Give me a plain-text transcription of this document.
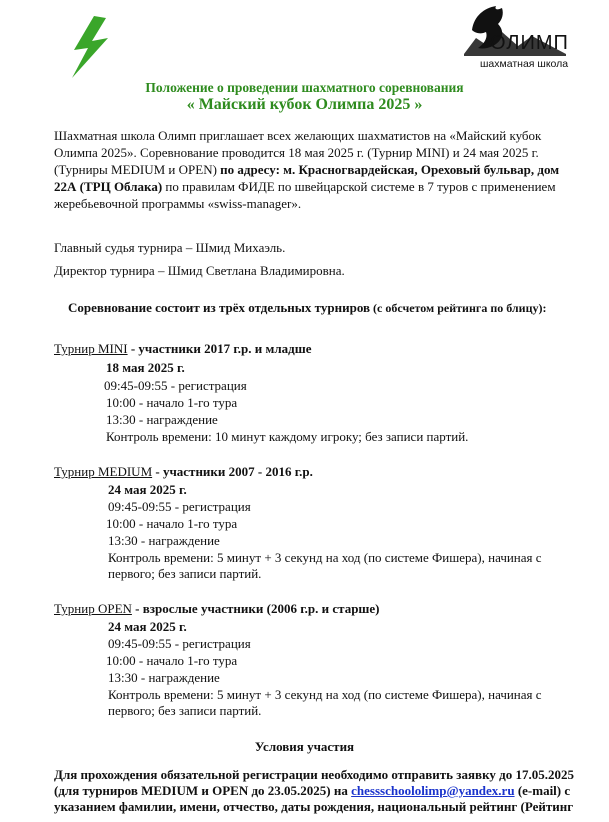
ОЛИМП
шахматная школа
Положение о проведении шахматного соревнования
« Майский кубок Олимпа 2025 »
Шахматная школа Олимп приглашает всех желающих шахматистов на «Майский кубок Олимпа 2025». Соревнование проводится 18 мая 2025 г. (Турнир MINI) и 24 мая 2025 г. (Турниры MEDIUM и OPEN) по адресу: м. Красногвардейская, Ореховый бульвар, дом 22А (ТРЦ Облака) по правилам ФИДЕ по швейцарской системе в 7 туров с применением жеребьевочной программы «swiss-manager».
Главный судья турнира – Шмид Михаэль.
Директор турнира – Шмид Светлана Владимировна.
Соревнование состоит из трёх отдельных турниров (с обсчетом рейтинга по блицу):
Турнир MINI - участники 2017 г.р. и младше
18 мая 2025 г.
09:45-09:55 - регистрация
10:00 - начало 1-го тура
13:30 - награждение
Контроль времени: 10 минут каждому игроку; без записи партий.
Турнир MEDIUM - участники 2007 - 2016 г.р.
24 мая 2025 г.
09:45-09:55 - регистрация
10:00 - начало 1-го тура
13:30 - награждение
Контроль времени: 5 минут + 3 секунд на ход (по системе Фишера), начиная с
первого; без записи партий.
Турнир OPEN - взрослые участники (2006 г.р. и старше)
24 мая 2025 г.
09:45-09:55 - регистрация
10:00 - начало 1-го тура
13:30 - награждение
Контроль времени: 5 минут + 3 секунд на ход (по системе Фишера), начиная с
первого; без записи партий.
Условия участия
Для прохождения обязательной регистрации необходимо отправить заявку до 17.05.2025
(для турниров MEDIUM и OPEN до 23.05.2025) на chessschoololimp@yandex.ru (e-mail) с
указанием фамилии, имени, отчество, даты рождения, национальный рейтинг (Рейтинг
